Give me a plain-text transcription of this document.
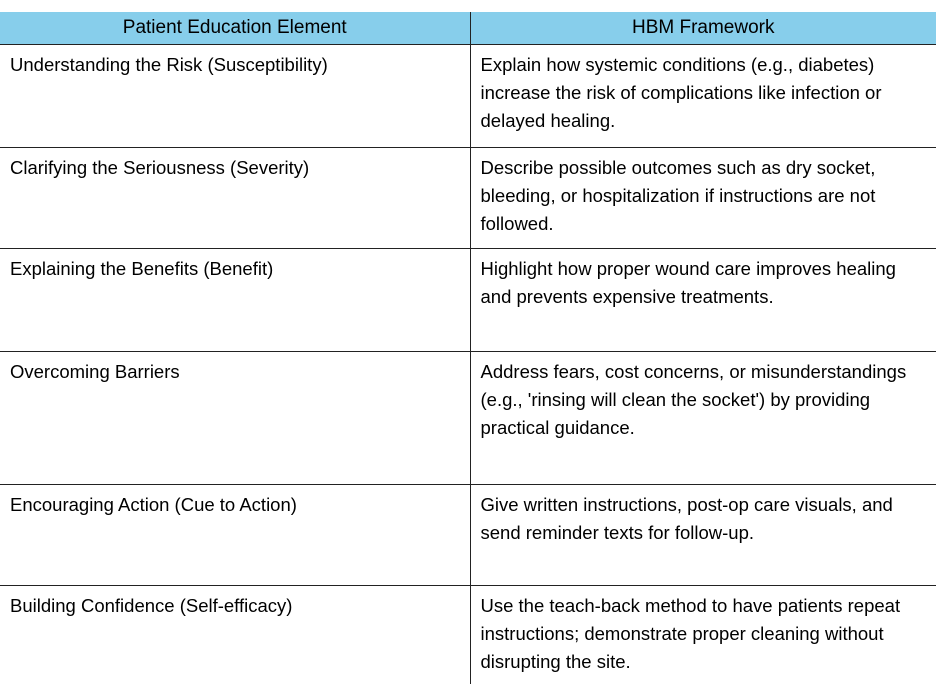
Patient Education Element	HBM Framework
Understanding the Risk (Susceptibility)	Explain how systemic conditions (e.g., diabetes) increase the risk of complications like infection or delayed healing.
Clarifying the Seriousness (Severity)	Describe possible outcomes such as dry socket, bleeding, or hospitalization if instructions are not followed.
Explaining the Benefits (Benefit)	Highlight how proper wound care improves healing and prevents expensive treatments.
Overcoming Barriers	Address fears, cost concerns, or misunderstandings (e.g., 'rinsing will clean the socket') by providing practical guidance.
Encouraging Action (Cue to Action)	Give written instructions, post-op care visuals, and send reminder texts for follow-up.
Building Confidence (Self-efficacy)	Use the teach-back method to have patients repeat instructions; demonstrate proper cleaning without disrupting the site.
